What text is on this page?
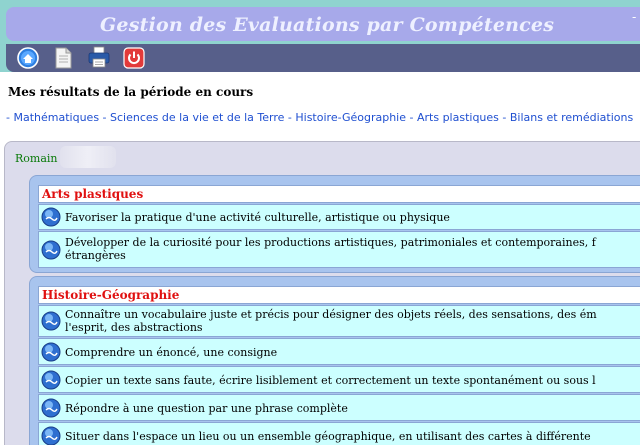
Gestion des Evaluations par Compétences	-
Mes résultats de la période en cours
- Mathématiques - Sciences de la vie et de la Terre - Histoire-Géographie - Arts plastiques - Bilans et remédiations
Romain
Arts plastiques
Favoriser la pratique d'une activité culturelle, artistique ou physique
Développer de la curiosité pour les productions artistiques, patrimoniales et contemporaines, f
étrangères
Histoire-Géographie
Connaître un vocabulaire juste et précis pour désigner des objets réels, des sensations, des ém
l'esprit, des abstractions
Comprendre un énoncé, une consigne
Copier un texte sans faute, écrire lisiblement et correctement un texte spontanément ou sous l
Répondre à une question par une phrase complète
Situer dans l'espace un lieu ou un ensemble géographique, en utilisant des cartes à différente
